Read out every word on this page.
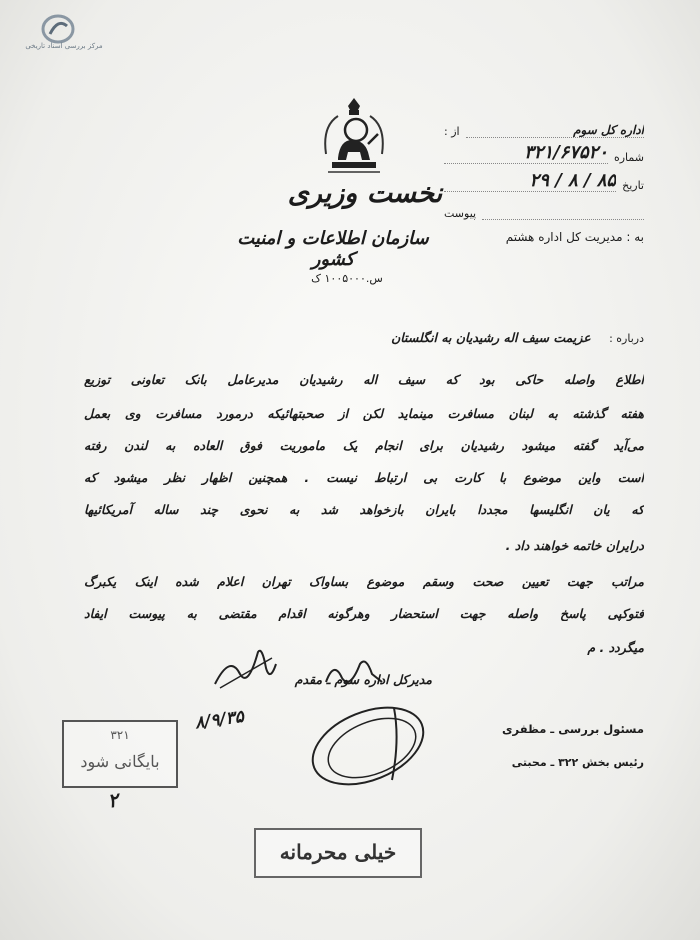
مرکز بررسی اسناد تاریخی
نخست وزیری
سازمان اطلاعات و امنیت کشور
س.۱۰۰۵۰۰۰ ک
از :	اداره کل سوم
شماره
۳۲۱/۶۷۵۲۰
تاریخ
۲۹ / ۸ / ۸۵
پیوست
به : مدیریت کل اداره هشتم
درباره : عزیمت سیف اله رشیدیان به انگلستان
اطلاع واصله حاکی بود که سیف اله رشیدیان مدیرعامل بانک تعاونی توزیع
هفته گذشته به لبنان مسافرت مینماید لکن از صحبتهائیکه درمورد مسافرت وی بعمل
می‌آید گفته میشود رشیدیان برای انجام یک ماموریت فوق العاده به لندن رفته
است واین موضوع با کارت بی ارتباط نیست . همچنین اظهار نظر میشود که
که یان انگلیسها مجددا بایران بازخواهد شد به نحوی چند ساله آمریکائیها
درایران خاتمه خواهند داد .
مراتب جهت تعیین صحت وسقم موضوع بساواک تهران اعلام شده اینک یکبرگ
فتوکپی پاسخ واصله جهت استحضار وهرگونه اقدام مقتضی به پیوست ایفاد
میگردد . م
مدیرکل اداره سوم ـ مقدم
مسئول بررسی ـ مظفری
رئیس بخش ۳۲۲ ـ محبتی
۸/۹/۳۵
۳۲۱
بایگانی شود
۲
خیلی محرمانه
